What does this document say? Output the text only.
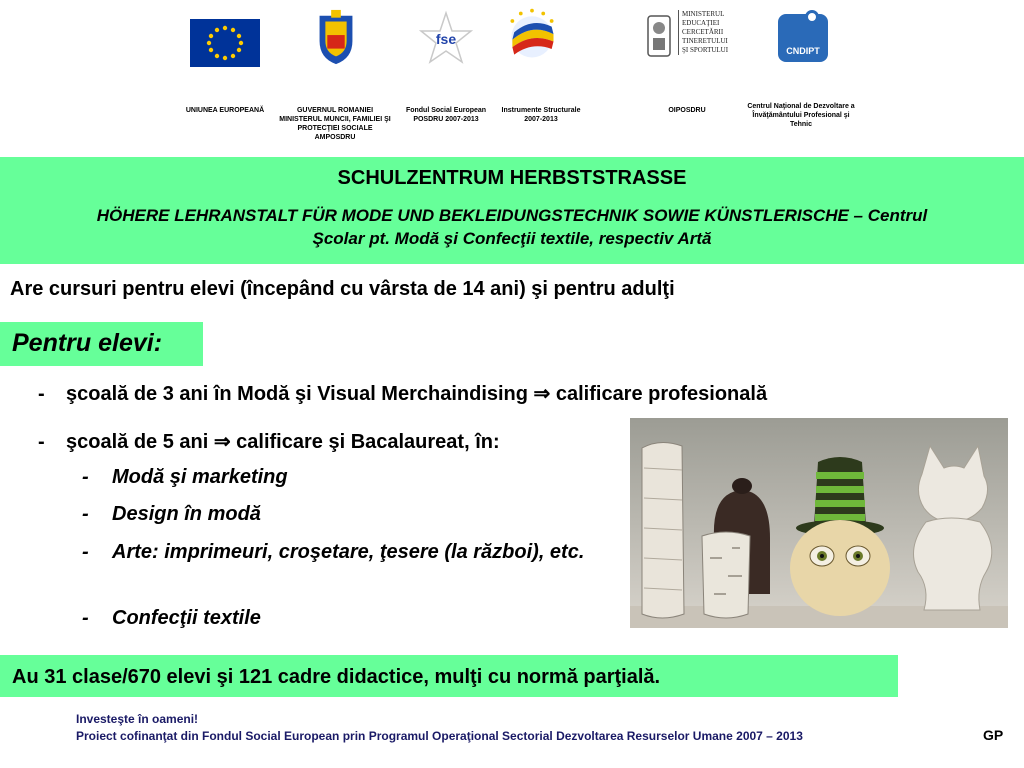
fse
MINISTERUL
EDUCAŢIEI
CERCETĂRII
TINERETULUI
ŞI SPORTULUI	CNDIPT
UNIUNEA EUROPEANĂ	GUVERNUL ROMANIEI
MINISTERUL MUNCII, FAMILIEI ŞI
PROTECŢIEI SOCIALE
AMPOSDRU
Fondul Social European
POSDRU 2007-2013
Instrumente Structurale
2007-2013
OIPOSDRU
Centrul Naţional de Dezvoltare a
Învăţământului Profesional şi
Tehnic
SCHULZENTRUM HERBSTSTRASSE
HÖHERE LEHRANSTALT FÜR MODE UND BEKLEIDUNGSTECHNIK SOWIE KÜNSTLERISCHE – Centrul Şcolar pt. Modă şi Confecţii textile, respectiv Artă
Are cursuri pentru elevi (începând cu vârsta de 14 ani) şi pentru adulţi
Pentru elevi:
- şcoală de 3 ani în Modă şi Visual Merchaindising ⇒ calificare profesională
- şcoală de 5 ani ⇒ calificare şi Bacalaureat, în:
- Modă şi marketing
- Design în modă
- Arte: imprimeuri, croşetare, ţesere (la război), etc.
- Confecţii textile
Au 31 clase/670 elevi şi 121 cadre didactice, mulţi cu normă parţială.
Investeşte în oameni!
Proiect cofinanţat din Fondul Social European prin Programul Operaţional Sectorial Dezvoltarea Resurselor Umane 2007 – 2013	GP
